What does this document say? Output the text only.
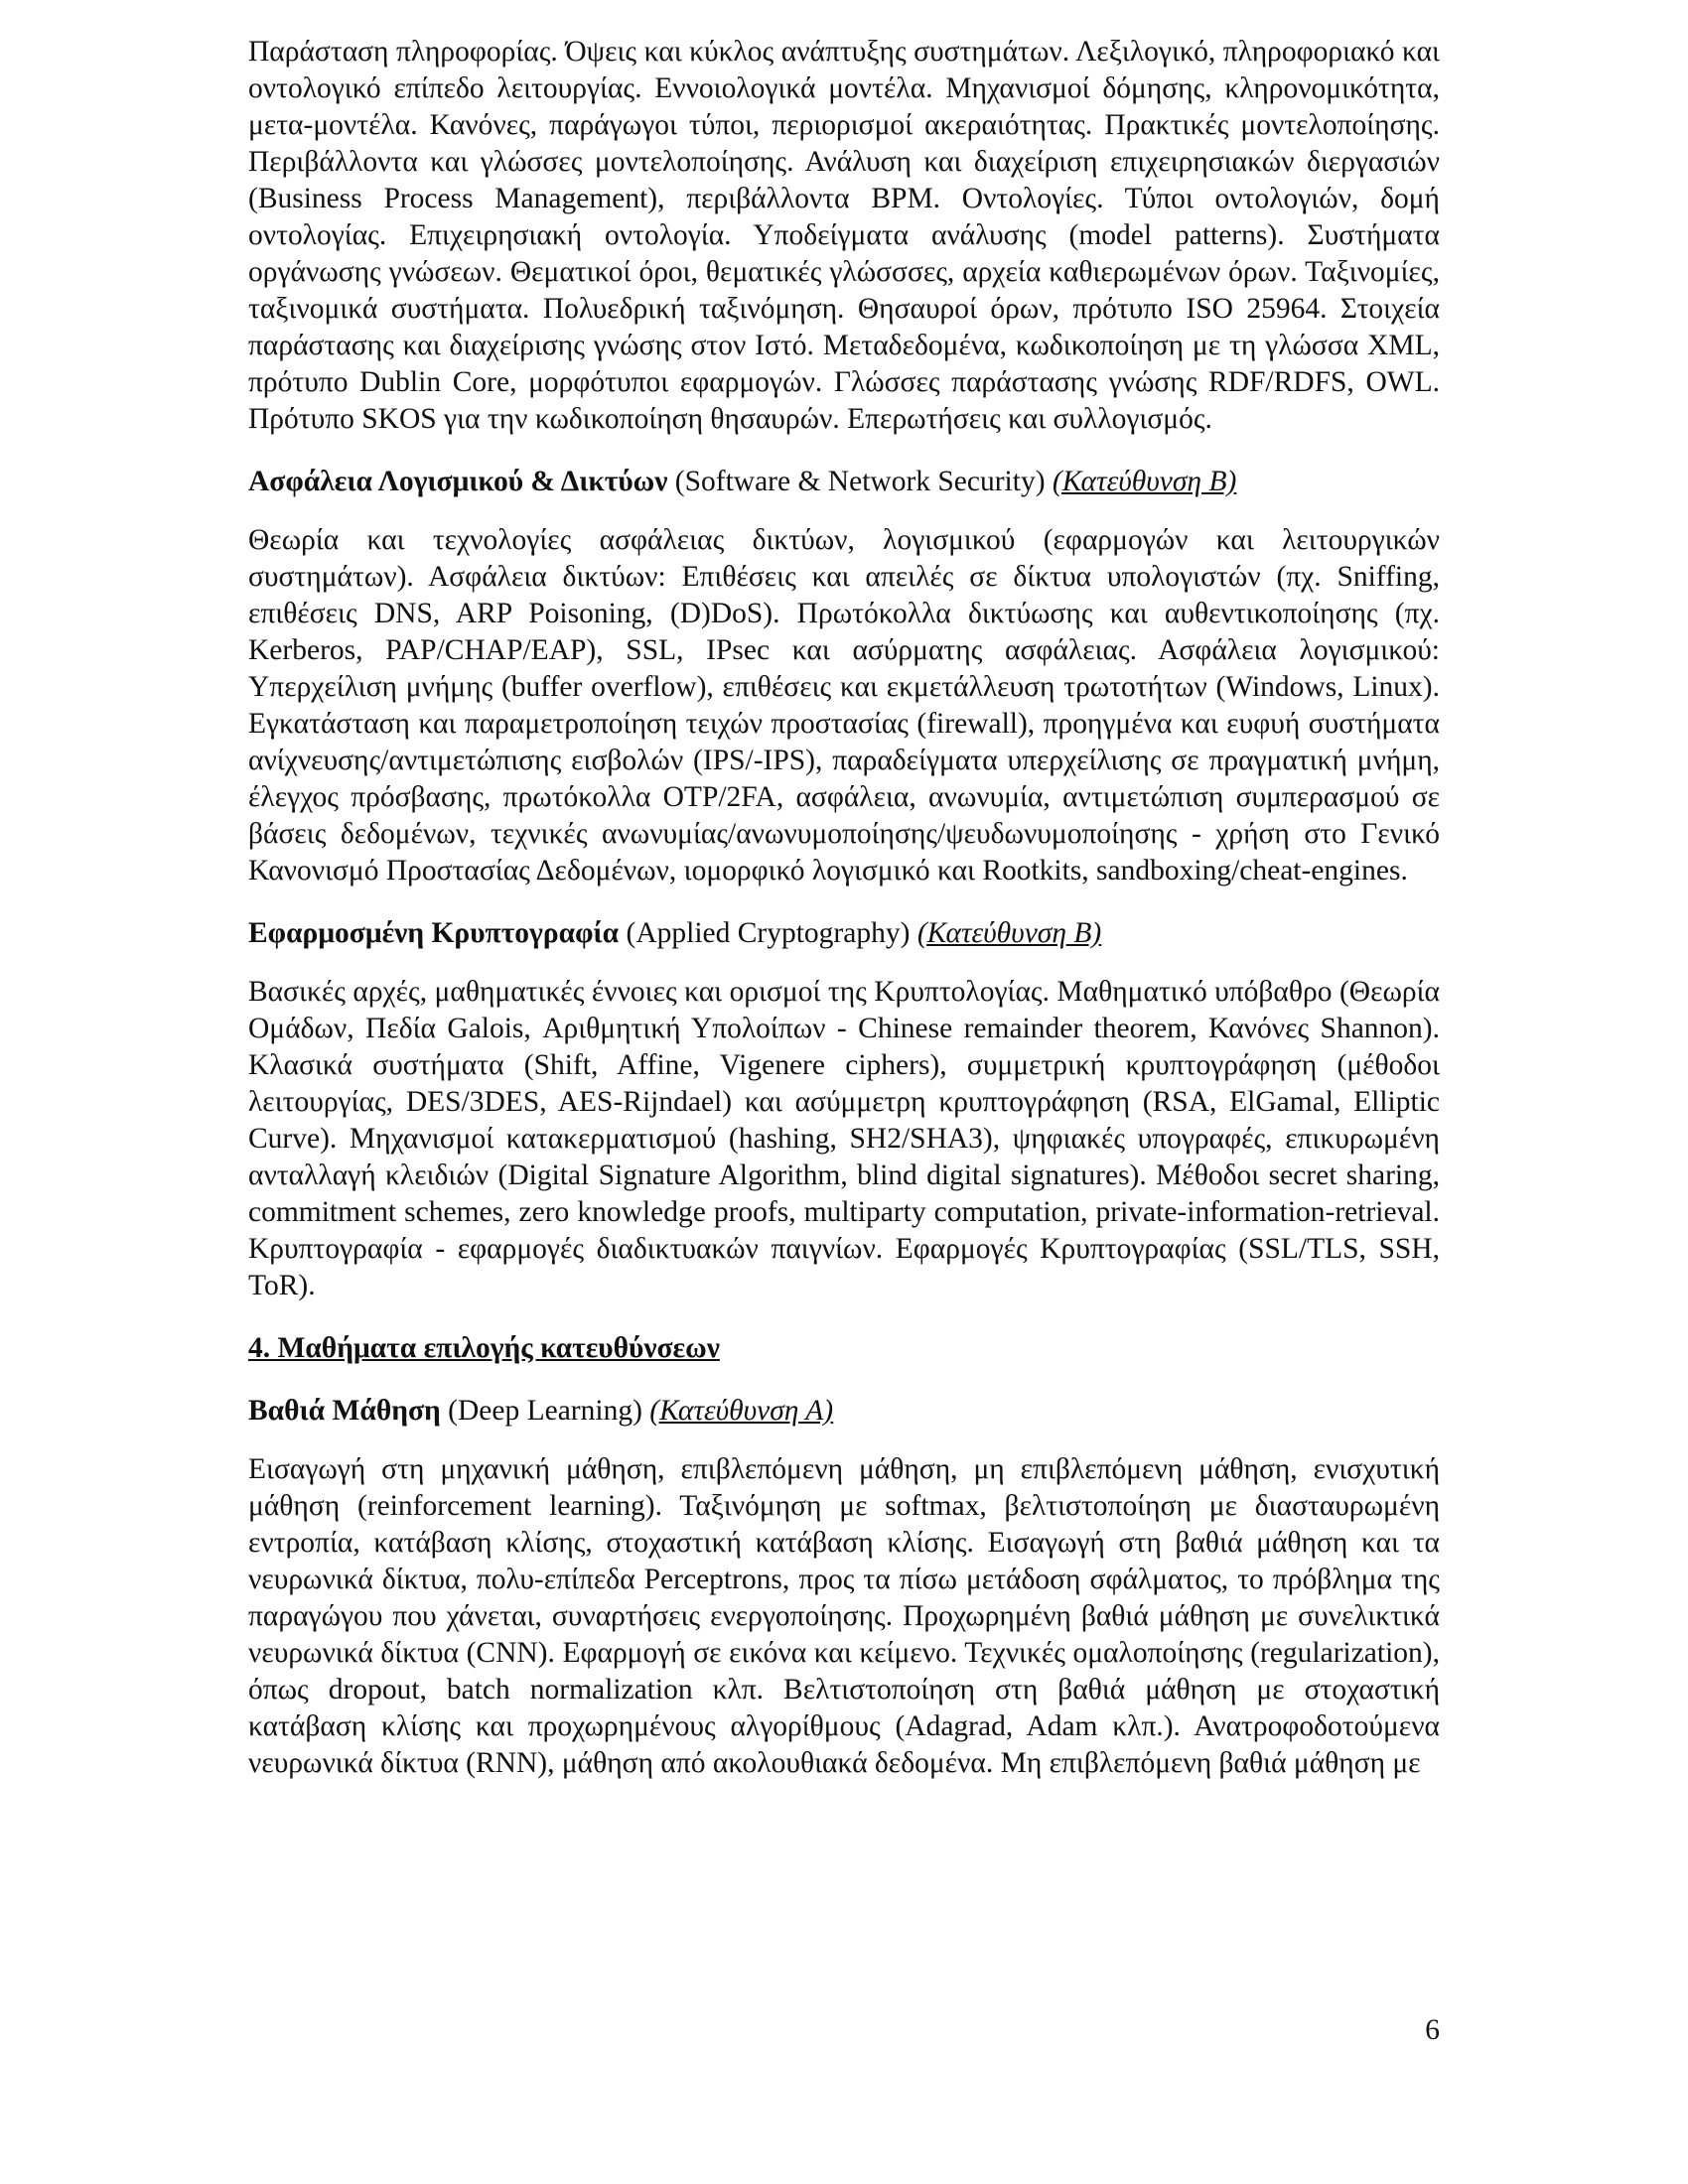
Παράσταση πληροφορίας. Όψεις και κύκλος ανάπτυξης συστημάτων. Λεξιλογικό, πληροφοριακό και οντολογικό επίπεδο λειτουργίας. Εννοιολογικά μοντέλα. Μηχανισμοί δόμησης, κληρονομικότητα, μετα-μοντέλα. Κανόνες, παράγωγοι τύποι, περιορισμοί ακεραιότητας. Πρακτικές μοντελοποίησης. Περιβάλλοντα και γλώσσες μοντελοποίησης. Ανάλυση και διαχείριση επιχειρησιακών διεργασιών (Business Process Management), περιβάλλοντα BPM. Οντολογίες. Τύποι οντολογιών, δομή οντολογίας. Επιχειρησιακή οντολογία. Υποδείγματα ανάλυσης (model patterns). Συστήματα οργάνωσης γνώσεων. Θεματικοί όροι, θεματικές γλώσσσες, αρχεία καθιερωμένων όρων. Ταξινομίες, ταξινομικά συστήματα. Πολυεδρική ταξινόμηση. Θησαυροί όρων, πρότυπο ISO 25964. Στοιχεία παράστασης και διαχείρισης γνώσης στον Ιστό. Μεταδεδομένα, κωδικοποίηση με τη γλώσσα XML, πρότυπο Dublin Core, μορφότυποι εφαρμογών. Γλώσσες παράστασης γνώσης RDF/RDFS, OWL. Πρότυπο SKOS για την κωδικοποίηση θησαυρών. Επερωτήσεις και συλλογισμός.

Ασφάλεια Λογισμικού & Δικτύων (Software & Network Security) (Κατεύθυνση Β)

Θεωρία και τεχνολογίες ασφάλειας δικτύων, λογισμικού (εφαρμογών και λειτουργικών συστημάτων). Ασφάλεια δικτύων: Επιθέσεις και απειλές σε δίκτυα υπολογιστών (πχ. Sniffing, επιθέσεις DNS, ARP Poisoning, (D)DoS). Πρωτόκολλα δικτύωσης και αυθεντικοποίησης (πχ. Kerberos, PAP/CHAP/EAP), SSL, IPsec και ασύρματης ασφάλειας. Ασφάλεια λογισμικού: Υπερχείλιση μνήμης (buffer overflow), επιθέσεις και εκμετάλλευση τρωτοτήτων (Windows, Linux). Εγκατάσταση και παραμετροποίηση τειχών προστασίας (firewall), προηγμένα και ευφυή συστήματα ανίχνευσης/αντιμετώπισης εισβολών (IPS/-IPS), παραδείγματα υπερχείλισης σε πραγματική μνήμη, έλεγχος πρόσβασης, πρωτόκολλα OTP/2FA, ασφάλεια, ανωνυμία, αντιμετώπιση συμπερασμού σε βάσεις δεδομένων, τεχνικές ανωνυμίας/ανωνυμοποίησης/ψευδωνυμοποίησης - χρήση στο Γενικό Κανονισμό Προστασίας Δεδομένων, ιομορφικό λογισμικό και Rootkits, sandboxing/cheat-engines.

Εφαρμοσμένη Κρυπτογραφία (Applied Cryptography) (Κατεύθυνση Β)

Βασικές αρχές, μαθηματικές έννοιες και ορισμοί της Κρυπτολογίας. Μαθηματικό υπόβαθρο (Θεωρία Ομάδων, Πεδία Galois, Αριθμητική Υπολοίπων - Chinese remainder theorem, Κανόνες Shannon). Κλασικά συστήματα (Shift, Affine, Vigenere ciphers), συμμετρική κρυπτογράφηση (μέθοδοι λειτουργίας, DES/3DES, AES-Rijndael) και ασύμμετρη κρυπτογράφηση (RSA, ElGamal, Elliptic Curve). Μηχανισμοί κατακερματισμού (hashing, SH2/SHA3), ψηφιακές υπογραφές, επικυρωμένη ανταλλαγή κλειδιών (Digital Signature Algorithm, blind digital signatures). Μέθοδοι secret sharing, commitment schemes, zero knowledge proofs, multiparty computation, private-information-retrieval. Κρυπτογραφία - εφαρμογές διαδικτυακών παιγνίων. Εφαρμογές Κρυπτογραφίας (SSL/TLS, SSH, ToR).

4. Μαθήματα επιλογής κατευθύνσεων

Βαθιά Μάθηση (Deep Learning) (Κατεύθυνση Α)

Εισαγωγή στη μηχανική μάθηση, επιβλεπόμενη μάθηση, μη επιβλεπόμενη μάθηση, ενισχυτική μάθηση (reinforcement learning). Ταξινόμηση με softmax, βελτιστοποίηση με διασταυρωμένη εντροπία, κατάβαση κλίσης, στοχαστική κατάβαση κλίσης. Εισαγωγή στη βαθιά μάθηση και τα νευρωνικά δίκτυα, πολυ-επίπεδα Perceptrons, προς τα πίσω μετάδοση σφάλματος, το πρόβλημα της παραγώγου που χάνεται, συναρτήσεις ενεργοποίησης. Προχωρημένη βαθιά μάθηση με συνελικτικά νευρωνικά δίκτυα (CNN). Εφαρμογή σε εικόνα και κείμενο. Τεχνικές ομαλοποίησης (regularization), όπως dropout, batch normalization κλπ. Βελτιστοποίηση στη βαθιά μάθηση με στοχαστική κατάβαση κλίσης και προχωρημένους αλγορίθμους (Adagrad, Adam κλπ.). Ανατροφοδοτούμενα νευρωνικά δίκτυα (RNN), μάθηση από ακολουθιακά δεδομένα. Μη επιβλεπόμενη βαθιά μάθηση με

6
